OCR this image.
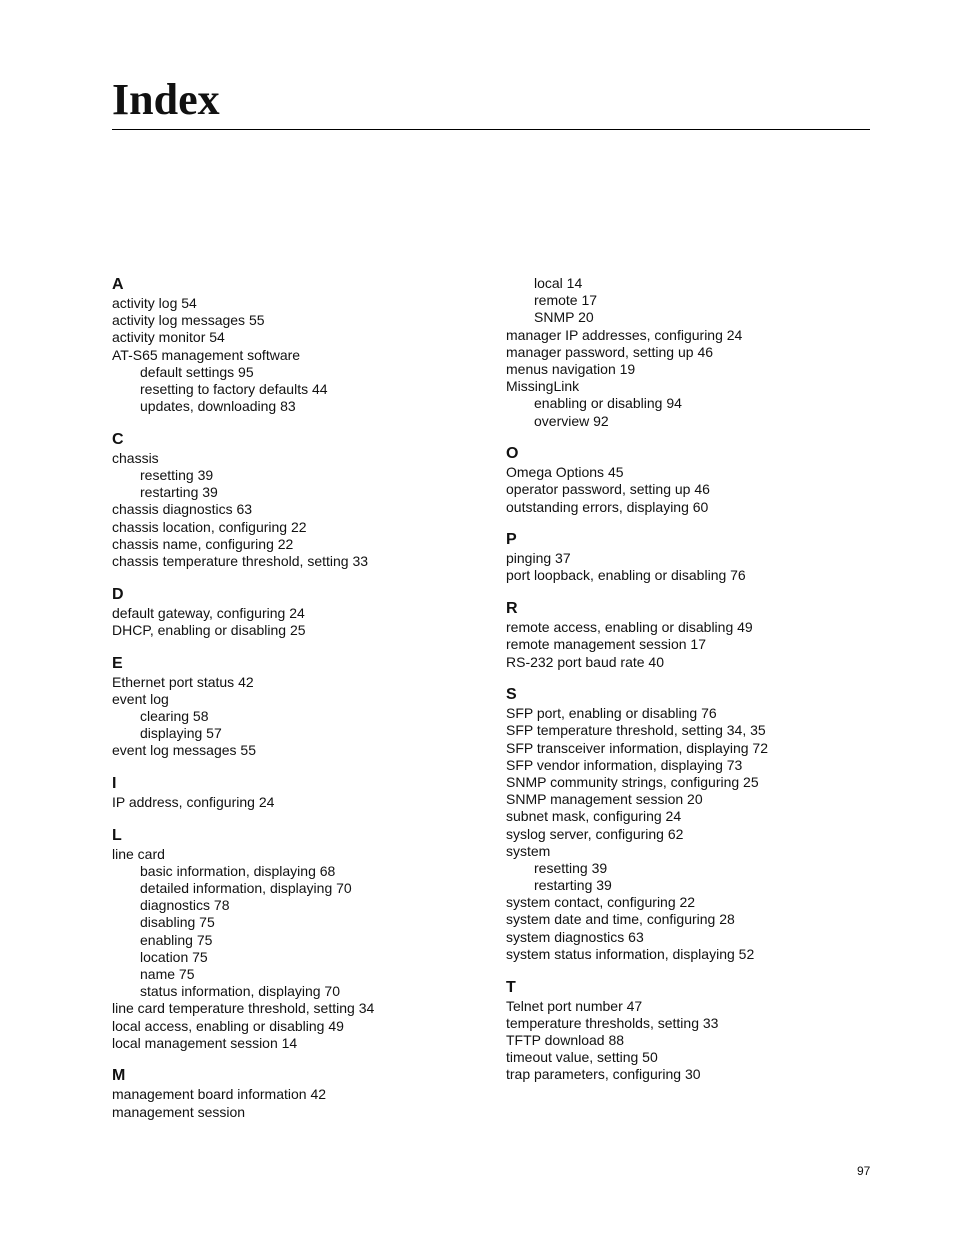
Index
A
activity log 54
activity log messages 55
activity monitor 54
AT-S65 management software
default settings 95
resetting to factory defaults 44
updates, downloading 83
C
chassis
resetting 39
restarting 39
chassis diagnostics 63
chassis location, configuring 22
chassis name, configuring 22
chassis temperature threshold, setting 33
D
default gateway, configuring 24
DHCP, enabling or disabling 25
E
Ethernet port status 42
event log
clearing 58
displaying 57
event log messages 55
I
IP address, configuring 24
L
line card
basic information, displaying 68
detailed information, displaying 70
diagnostics 78
disabling 75
enabling 75
location 75
name 75
status information, displaying 70
line card temperature threshold, setting 34
local access, enabling or disabling 49
local management session 14
M
management board information 42
management session
local 14
remote 17
SNMP 20
manager IP addresses, configuring 24
manager password, setting up 46
menus navigation 19
MissingLink
enabling or disabling 94
overview 92
O
Omega Options 45
operator password, setting up 46
outstanding errors, displaying 60
P
pinging 37
port loopback, enabling or disabling 76
R
remote access, enabling or disabling 49
remote management session 17
RS-232 port baud rate 40
S
SFP port, enabling or disabling 76
SFP temperature threshold, setting 34, 35
SFP transceiver information, displaying 72
SFP vendor information, displaying 73
SNMP community strings, configuring 25
SNMP management session 20
subnet mask, configuring 24
syslog server, configuring 62
system
resetting 39
restarting 39
system contact, configuring 22
system date and time, configuring 28
system diagnostics 63
system status information, displaying 52
T
Telnet port number 47
temperature thresholds, setting 33
TFTP download 88
timeout value, setting 50
trap parameters, configuring 30
97
